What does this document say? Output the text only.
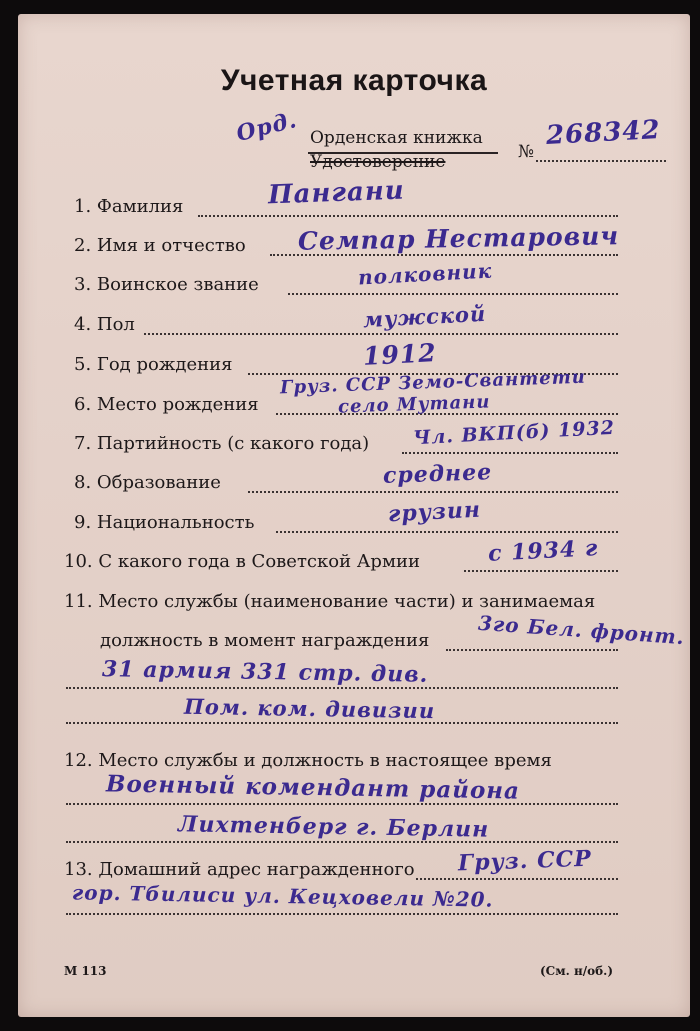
Учетная карточка
Орд. Орденская книжка
Удостоверение	№
268342
1. Фамилия	Пангани
2. Имя и отчество Семпар Нестарович
3. Воинское звание	полковник
4. Пол	мужской
5. Год рождения	1912
6. Место рождения
Груз. ССР Земо-Свантети
село Мутани
7. Партийность (с какого года) Чл. ВКП(б) 1932
8. Образование	среднее
9. Национальность	грузин
10. С какого года в Советской Армии	с 1934 г
11. Место службы (наименование части) и занимаемая
должность в момент награждения 3го Бел. фронт.
31 армия 331 стр. див.
Пом. ком. дивизии
12. Место службы и должность в настоящее время
Военный комендант района
Лихтенберг г. Берлин
13. Домашний адрес награжденного Груз. ССР
гор. Тбилиси ул. Кецховели №20.
М 113	(См. н/об.)
